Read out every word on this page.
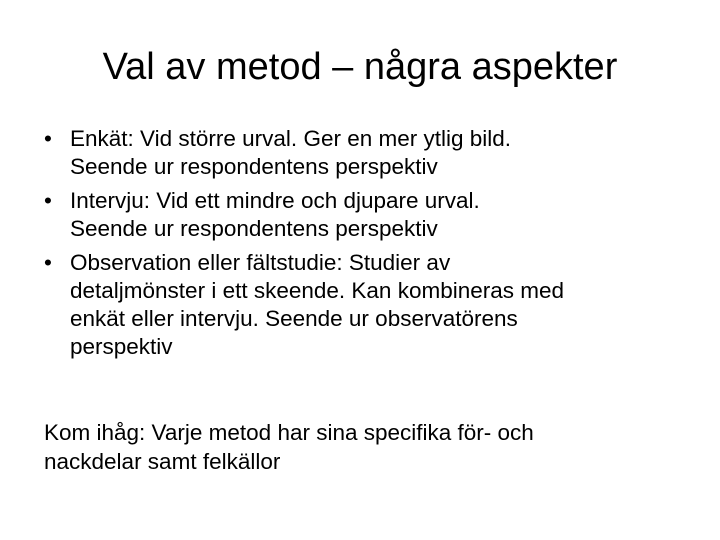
Val av metod – några aspekter
• Enkät: Vid större urval. Ger en mer ytlig bild.
Seende ur respondentens perspektiv
• Intervju: Vid ett mindre och djupare urval.
Seende ur respondentens perspektiv
• Observation eller fältstudie: Studier av
detaljmönster i ett skeende. Kan kombineras med
enkät eller intervju. Seende ur observatörens
perspektiv

Kom ihåg: Varje metod har sina specifika för- och
nackdelar samt felkällor
